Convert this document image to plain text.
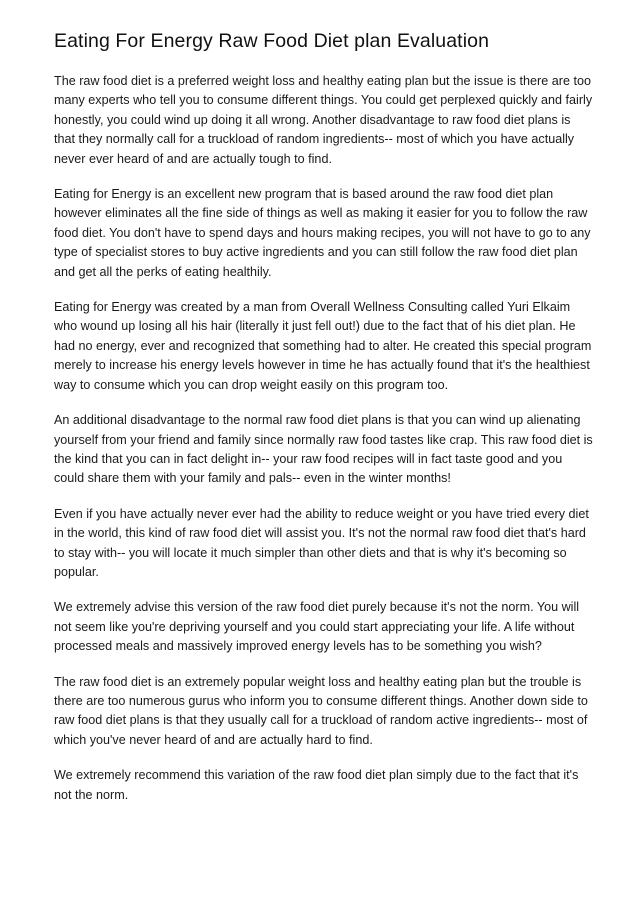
Eating For Energy Raw Food Diet plan Evaluation

The raw food diet is a preferred weight loss and healthy eating plan but the issue is there are too many experts who tell you to consume different things. You could get perplexed quickly and fairly honestly, you could wind up doing it all wrong. Another disadvantage to raw food diet plans is that they normally call for a truckload of random ingredients-- most of which you have actually never ever heard of and are actually tough to find.

Eating for Energy is an excellent new program that is based around the raw food diet plan however eliminates all the fine side of things as well as making it easier for you to follow the raw food diet. You don't have to spend days and hours making recipes, you will not have to go to any type of specialist stores to buy active ingredients and you can still follow the raw food diet plan and get all the perks of eating healthily.

Eating for Energy was created by a man from Overall Wellness Consulting called Yuri Elkaim who wound up losing all his hair (literally it just fell out!) due to the fact that of his diet plan. He had no energy, ever and recognized that something had to alter. He created this special program merely to increase his energy levels however in time he has actually found that it's the healthiest way to consume which you can drop weight easily on this program too.

An additional disadvantage to the normal raw food diet plans is that you can wind up alienating yourself from your friend and family since normally raw food tastes like crap. This raw food diet is the kind that you can in fact delight in-- your raw food recipes will in fact taste good and you could share them with your family and pals-- even in the winter months!

Even if you have actually never ever had the ability to reduce weight or you have tried every diet in the world, this kind of raw food diet will assist you. It's not the normal raw food diet that's hard to stay with-- you will locate it much simpler than other diets and that is why it's becoming so popular.

We extremely advise this version of the raw food diet purely because it's not the norm. You will not seem like you're depriving yourself and you could start appreciating your life. A life without processed meals and massively improved energy levels has to be something you wish?

The raw food diet is an extremely popular weight loss and healthy eating plan but the trouble is there are too numerous gurus who inform you to consume different things. Another down side to raw food diet plans is that they usually call for a truckload of random active ingredients-- most of which you've never heard of and are actually hard to find.

We extremely recommend this variation of the raw food diet plan simply due to the fact that it's not the norm.
